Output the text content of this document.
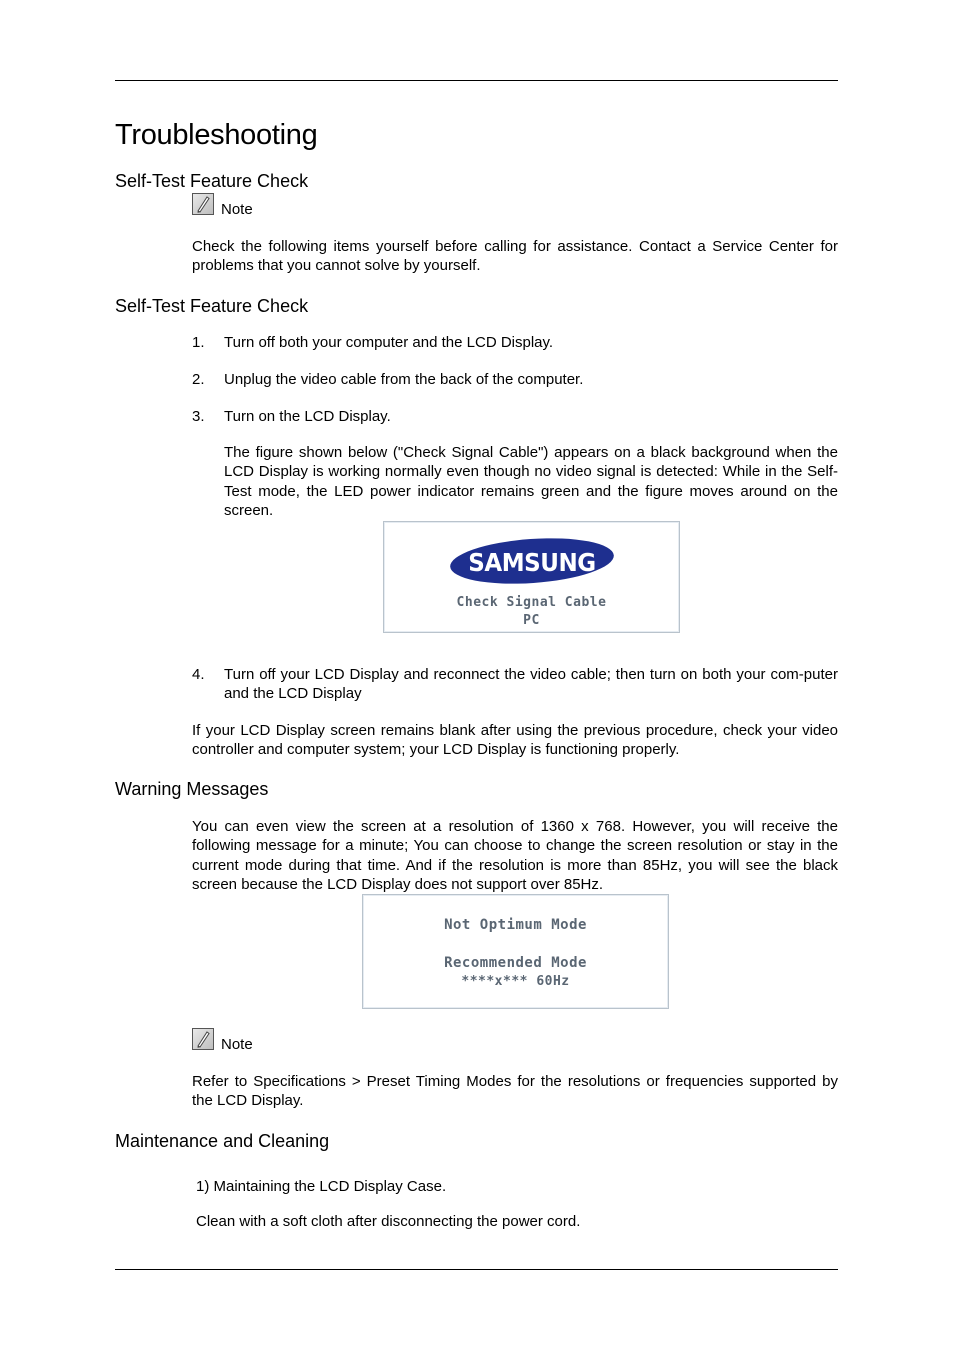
Troubleshooting
Self-Test Feature Check
Note
Check the following items yourself before calling for assistance. Contact a Service Center for problems that you cannot solve by yourself.
Self-Test Feature Check
1. Turn off both your computer and the LCD Display.
2. Unplug the video cable from the back of the computer.
3. Turn on the LCD Display.
The figure shown below ("Check Signal Cable") appears on a black background when the LCD Display is working normally even though no video signal is detected: While in the Self-Test mode, the LED power indicator remains green and the figure moves around on the screen.
SAMSUNG
Check Signal Cable
PC
4. Turn off your LCD Display and reconnect the video cable; then turn on both your com-puter and the LCD Display
If your LCD Display screen remains blank after using the previous procedure, check your video controller and computer system; your LCD Display is functioning properly.
Warning Messages
You can even view the screen at a resolution of 1360 x 768. However, you will receive the following message for a minute; You can choose to change the screen resolution or stay in the current mode during that time. And if the resolution is more than 85Hz, you will see the black screen because the LCD Display does not support over 85Hz.
Not Optimum Mode
Recommended Mode
****x*** 60Hz
Note
Refer to Specifications > Preset Timing Modes for the resolutions or frequencies supported by the LCD Display.
Maintenance and Cleaning
1) Maintaining the LCD Display Case.
Clean with a soft cloth after disconnecting the power cord.
